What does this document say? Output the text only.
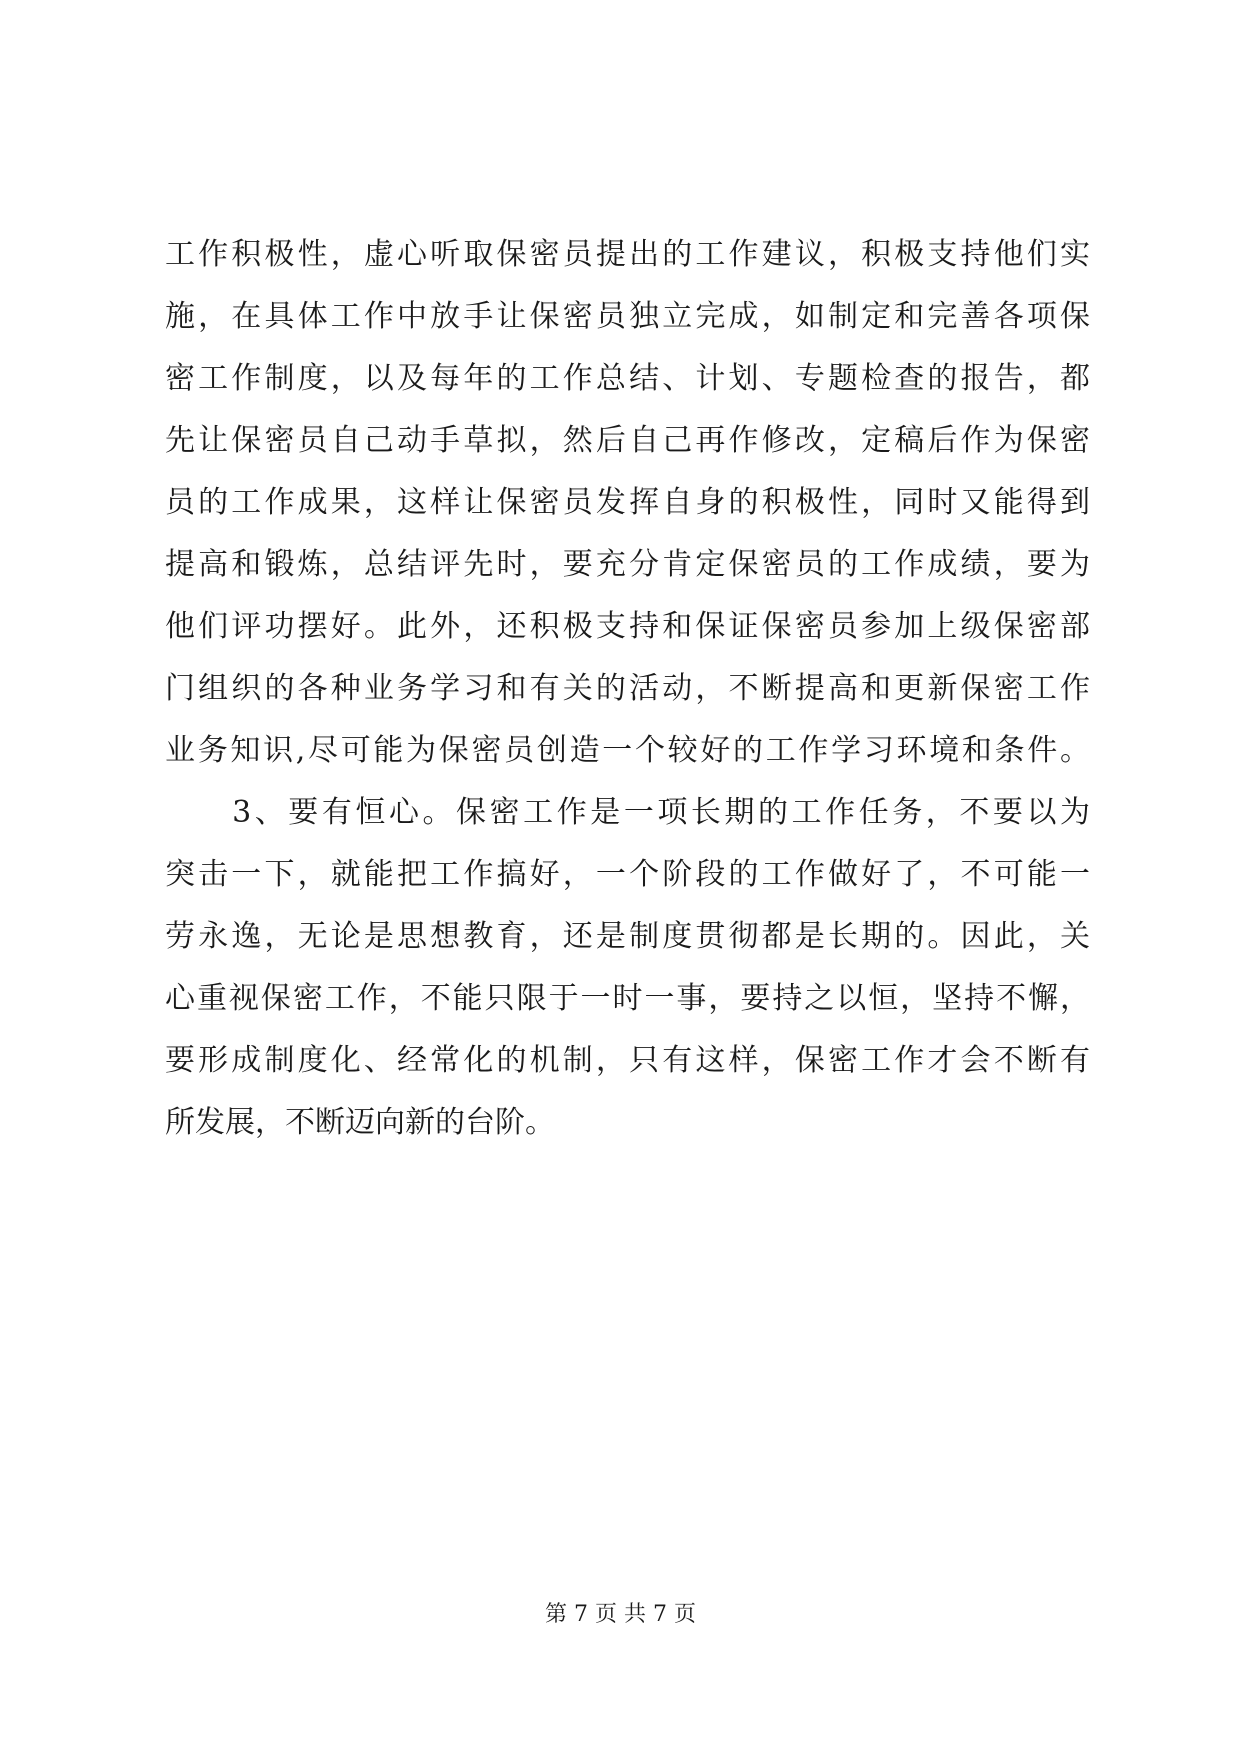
工作积极性，虚心听取保密员提出的工作建议，积极支持他们实
施，在具体工作中放手让保密员独立完成，如制定和完善各项保
密工作制度，以及每年的工作总结、计划、专题检查的报告，都
先让保密员自己动手草拟，然后自己再作修改，定稿后作为保密
员的工作成果，这样让保密员发挥自身的积极性，同时又能得到
提高和锻炼，总结评先时，要充分肯定保密员的工作成绩，要为
他们评功摆好。此外，还积极支持和保证保密员参加上级保密部
门组织的各种业务学习和有关的活动，不断提高和更新保密工作
业务知识,尽可能为保密员创造一个较好的工作学习环境和条件。
　　3、要有恒心。保密工作是一项长期的工作任务，不要以为
突击一下，就能把工作搞好，一个阶段的工作做好了，不可能一
劳永逸，无论是思想教育，还是制度贯彻都是长期的。因此，关
心重视保密工作，不能只限于一时一事，要持之以恒，坚持不懈，
要形成制度化、经常化的机制，只有这样，保密工作才会不断有
所发展，不断迈向新的台阶。
第 7 页 共 7 页
